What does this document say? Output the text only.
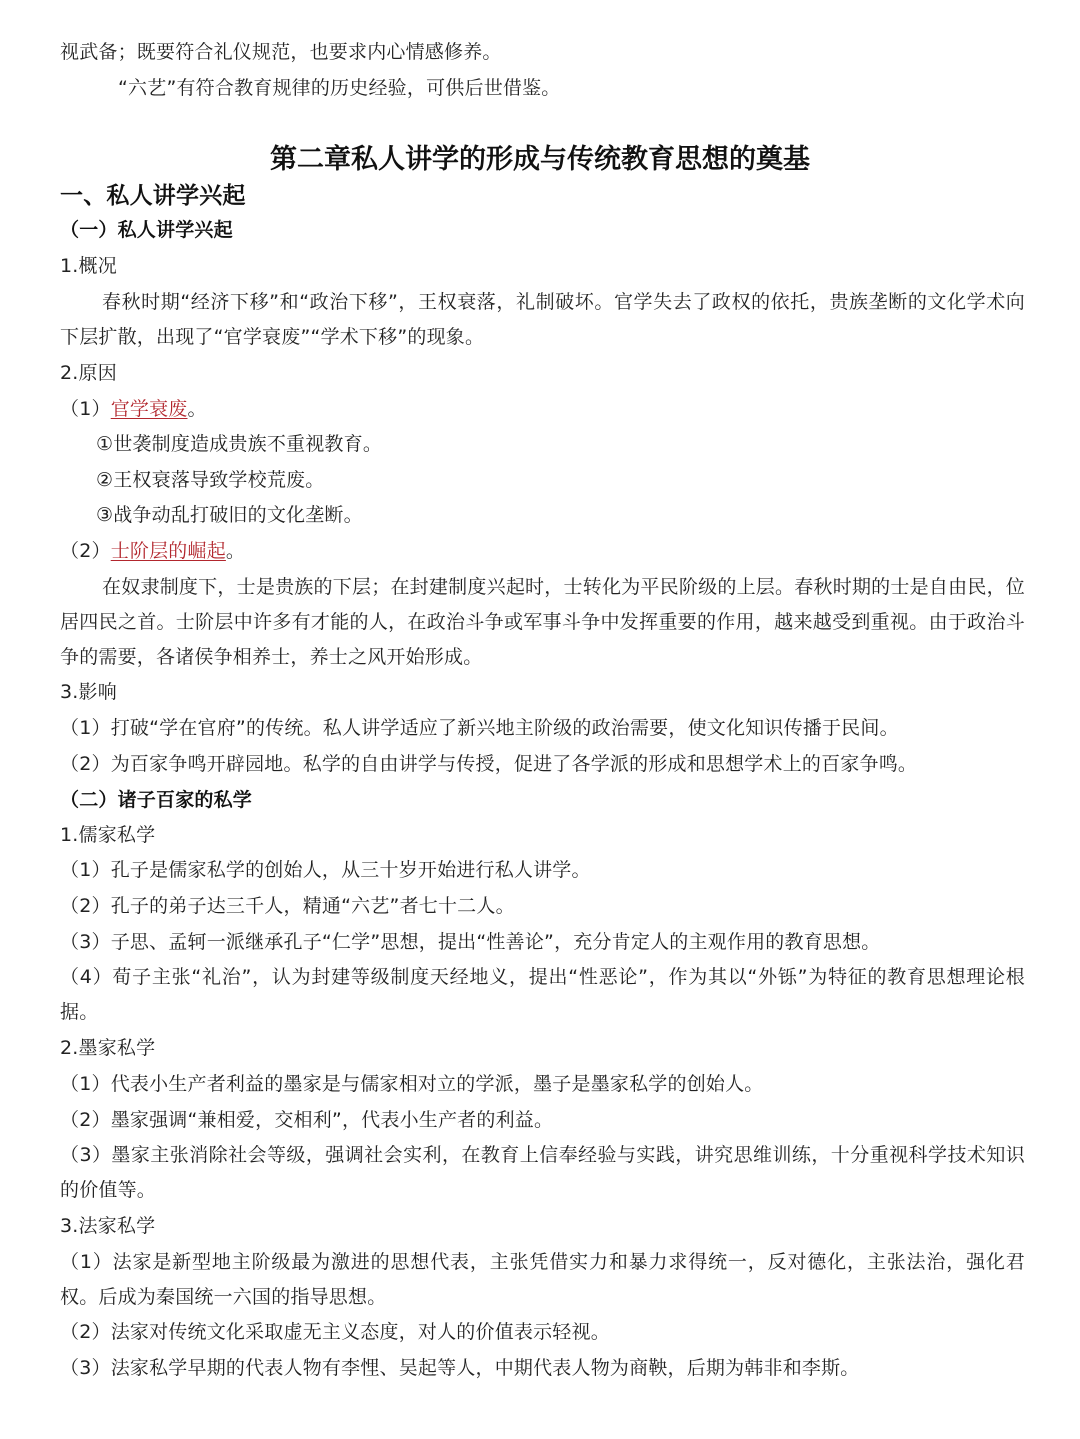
视武备；既要符合礼仪规范，也要求内心情感修养。
“六艺”有符合教育规律的历史经验，可供后世借鉴。
第二章私人讲学的形成与传统教育思想的奠基
一、私人讲学兴起
（一）私人讲学兴起
1.概况
春秋时期“经济下移”和“政治下移”，王权衰落，礼制破坏。官学失去了政权的依托，贵族垄断的文化学术向下层扩散，出现了“官学衰废”“学术下移”的现象。
2.原因
（1）官学衰废。
①世袭制度造成贵族不重视教育。
②王权衰落导致学校荒废。
③战争动乱打破旧的文化垄断。
（2）士阶层的崛起。
在奴隶制度下，士是贵族的下层；在封建制度兴起时，士转化为平民阶级的上层。春秋时期的士是自由民，位居四民之首。士阶层中许多有才能的人，在政治斗争或军事斗争中发挥重要的作用，越来越受到重视。由于政治斗争的需要，各诸侯争相养士，养士之风开始形成。
3.影响
（1）打破“学在官府”的传统。私人讲学适应了新兴地主阶级的政治需要，使文化知识传播于民间。
（2）为百家争鸣开辟园地。私学的自由讲学与传授，促进了各学派的形成和思想学术上的百家争鸣。
（二）诸子百家的私学
1.儒家私学
（1）孔子是儒家私学的创始人，从三十岁开始进行私人讲学。
（2）孔子的弟子达三千人，精通“六艺”者七十二人。
（3）子思、孟轲一派继承孔子“仁学”思想，提出“性善论”，充分肯定人的主观作用的教育思想。
（4）荀子主张“礼治”，认为封建等级制度天经地义，提出“性恶论”，作为其以“外铄”为特征的教育思想理论根据。
2.墨家私学
（1）代表小生产者利益的墨家是与儒家相对立的学派，墨子是墨家私学的创始人。
（2）墨家强调“兼相爱，交相利”，代表小生产者的利益。
（3）墨家主张消除社会等级，强调社会实利，在教育上信奉经验与实践，讲究思维训练，十分重视科学技术知识的价值等。
3.法家私学
（1）法家是新型地主阶级最为激进的思想代表，主张凭借实力和暴力求得统一，反对德化，主张法治，强化君权。后成为秦国统一六国的指导思想。
（2）法家对传统文化采取虚无主义态度，对人的价值表示轻视。
（3）法家私学早期的代表人物有李悝、吴起等人，中期代表人物为商鞅，后期为韩非和李斯。
